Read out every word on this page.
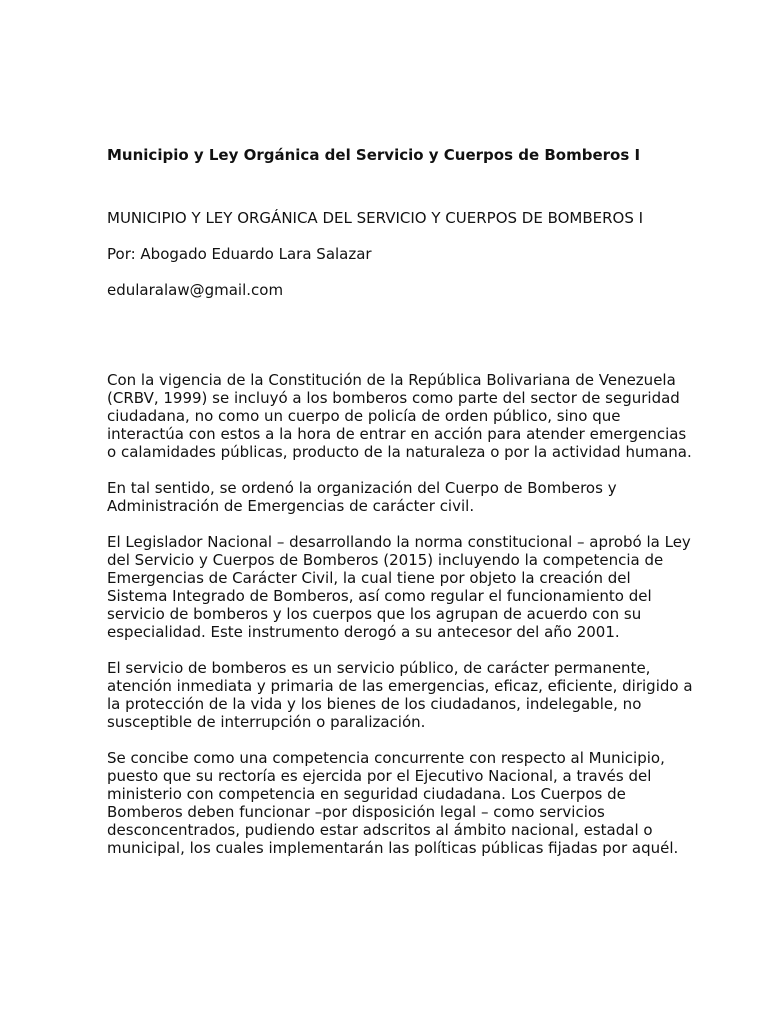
Municipio y Ley Orgánica del Servicio y Cuerpos de Bomberos I
MUNICIPIO Y LEY ORGÁNICA DEL SERVICIO Y CUERPOS DE BOMBEROS I
Por: Abogado Eduardo Lara Salazar
edularalaw@gmail.com
Con la vigencia de la Constitución de la República Bolivariana de Venezuela
(CRBV, 1999) se incluyó a los bomberos como parte del sector de seguridad
ciudadana, no como un cuerpo de policía de orden público, sino que
interactúa con estos a la hora de entrar en acción para atender emergencias
o calamidades públicas, producto de la naturaleza o por la actividad humana.
En tal sentido, se ordenó la organización del Cuerpo de Bomberos y
Administración de Emergencias de carácter civil.
El Legislador Nacional – desarrollando la norma constitucional – aprobó la Ley
del Servicio y Cuerpos de Bomberos (2015) incluyendo la competencia de
Emergencias de Carácter Civil, la cual tiene por objeto la creación del
Sistema Integrado de Bomberos, así como regular el funcionamiento del
servicio de bomberos y los cuerpos que los agrupan de acuerdo con su
especialidad. Este instrumento derogó a su antecesor del año 2001.
El servicio de bomberos es un servicio público, de carácter permanente,
atención inmediata y primaria de las emergencias, eficaz, eficiente, dirigido a
la protección de la vida y los bienes de los ciudadanos, indelegable, no
susceptible de interrupción o paralización.
Se concibe como una competencia concurrente con respecto al Municipio,
puesto que su rectoría es ejercida por el Ejecutivo Nacional, a través del
ministerio con competencia en seguridad ciudadana. Los Cuerpos de
Bomberos deben funcionar –por disposición legal – como servicios
desconcentrados, pudiendo estar adscritos al ámbito nacional, estadal o
municipal, los cuales implementarán las políticas públicas fijadas por aquél.
